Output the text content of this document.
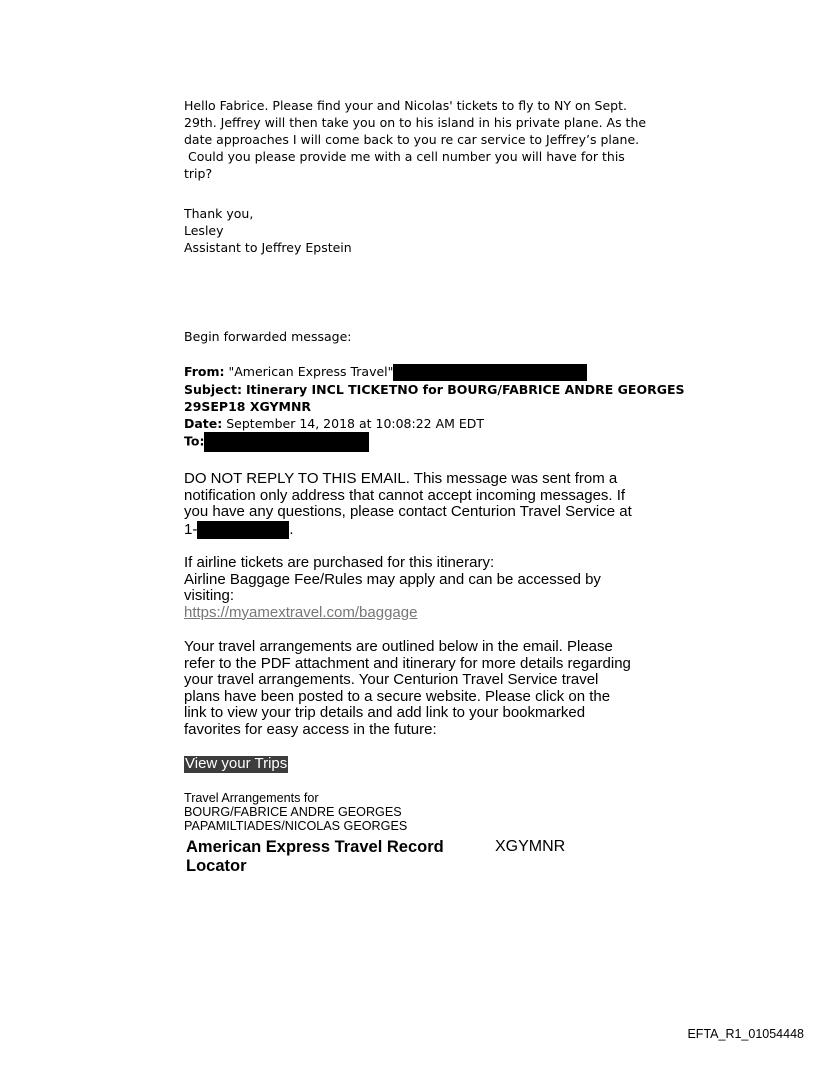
Hello Fabrice. Please find your and Nicolas' tickets to fly to NY on Sept.

29th. Jeffrey will then take you on to his island in his private plane. As the

date approaches I will come back to you re car service to Jeffrey’s plane.

Could you please provide me with a cell number you will have for this

trip?

Thank you,

Lesley

Assistant to Jeffrey Epstein

Begin forwarded message:

From: "American Express Travel"

Subject: Itinerary INCL TICKETNO for BOURG/FABRICE ANDRE GEORGES

29SEP18 XGYMNR

Date: September 14, 2018 at 10:08:22 AM EDT

To:

DO NOT REPLY TO THIS EMAIL. This message was sent from a

notification only address that cannot accept incoming messages. If

you have any questions, please contact Centurion Travel Service at

1-	.

If airline tickets are purchased for this itinerary:

Airline Baggage Fee/Rules may apply and can be accessed by

visiting:

https://myamextravel.com/baggage

Your travel arrangements are outlined below in the email. Please

refer to the PDF attachment and itinerary for more details regarding

your travel arrangements. Your Centurion Travel Service travel

plans have been posted to a secure website. Please click on the

link to view your trip details and add link to your bookmarked

favorites for easy access in the future:

View your Trips

Travel Arrangements for

BOURG/FABRICE ANDRE GEORGES

PAPAMILTIADES/NICOLAS GEORGES

American Express Travel Record

Locator

XGYMNR
EFTA_R1_01054448
